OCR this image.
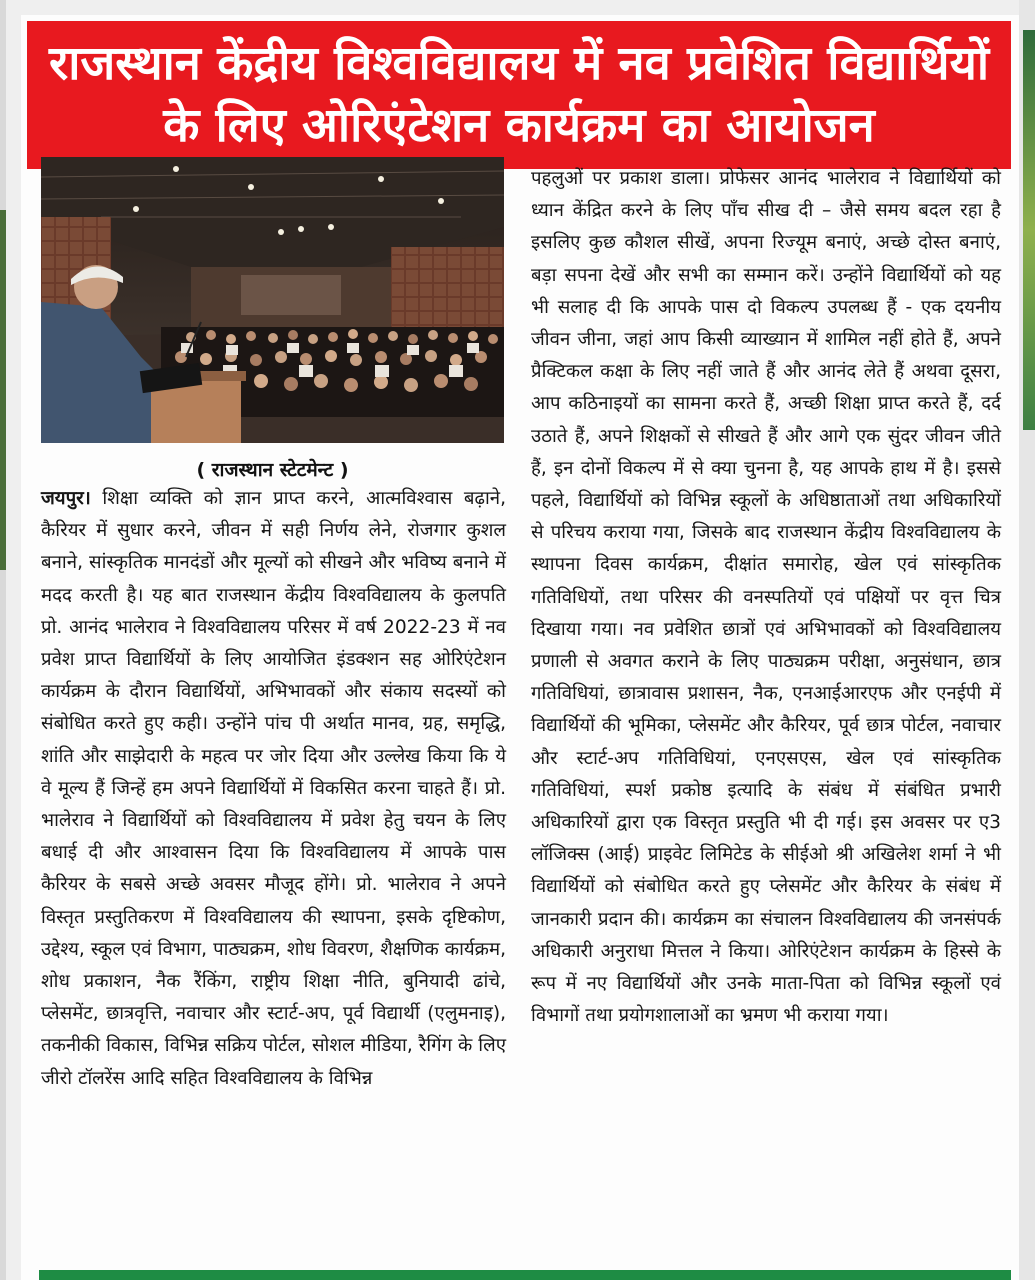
राजस्थान केंद्रीय विश्वविद्यालय में नव प्रवेशित विद्यार्थियों
के लिए ओरिएंटेशन कार्यक्रम का आयोजन
( राजस्थान स्टेटमेन्ट )

जयपुर। शिक्षा व्यक्ति को ज्ञान प्राप्त करने, आत्मविश्वास बढ़ाने, कैरियर में सुधार करने, जीवन में सही निर्णय लेने, रोजगार कुशल बनाने, सांस्कृतिक मानदंडों और मूल्यों को सीखने और भविष्य बनाने में मदद करती है। यह बात राजस्थान केंद्रीय विश्वविद्यालय के कुलपति प्रो. आनंद भालेराव ने विश्वविद्यालय परिसर में वर्ष 2022-23 में नव प्रवेश प्राप्त विद्यार्थियों के लिए आयोजित इंडक्शन सह ओरिएंटेशन कार्यक्रम के दौरान विद्यार्थियों, अभिभावकों और संकाय सदस्यों को संबोधित करते हुए कही। उन्होंने पांच पी अर्थात मानव, ग्रह, समृद्धि, शांति और साझेदारी के महत्व पर जोर दिया और उल्लेख किया कि ये वे मूल्य हैं जिन्हें हम अपने विद्यार्थियों में विकसित करना चाहते हैं। प्रो. भालेराव ने विद्यार्थियों को विश्वविद्यालय में प्रवेश हेतु चयन के लिए बधाई दी और आश्वासन दिया कि विश्वविद्यालय में आपके पास कैरियर के सबसे अच्छे अवसर मौजूद होंगे। प्रो. भालेराव ने अपने विस्तृत प्रस्तुतिकरण में विश्वविद्यालय की स्थापना, इसके दृष्टिकोण, उद्देश्य, स्कूल एवं विभाग, पाठ्यक्रम, शोध विवरण, शैक्षणिक कार्यक्रम, शोध प्रकाशन, नैक रैंकिंग, राष्ट्रीय शिक्षा नीति, बुनियादी ढांचे, प्लेसमेंट, छात्रवृत्ति, नवाचार और स्टार्ट-अप, पूर्व विद्यार्थी (एलुमनाइ), तकनीकी विकास, विभिन्न सक्रिय पोर्टल, सोशल मीडिया, रैगिंग के लिए जीरो टॉलरेंस आदि सहित विश्वविद्यालय के विभिन्न

पहलुओं पर प्रकाश डाला। प्रोफेसर आनंद भालेराव ने विद्यार्थियों को ध्यान केंद्रित करने के लिए पाँच सीख दी – जैसे समय बदल रहा है इसलिए कुछ कौशल सीखें, अपना रिज्यूम बनाएं, अच्छे दोस्त बनाएं, बड़ा सपना देखें और सभी का सम्मान करें। उन्होंने विद्यार्थियों को यह भी सलाह दी कि आपके पास दो विकल्प उपलब्ध हैं - एक दयनीय जीवन जीना, जहां आप किसी व्याख्यान में शामिल नहीं होते हैं, अपने प्रैक्टिकल कक्षा के लिए नहीं जाते हैं और आनंद लेते हैं अथवा दूसरा, आप कठिनाइयों का सामना करते हैं, अच्छी शिक्षा प्राप्त करते हैं, दर्द उठाते हैं, अपने शिक्षकों से सीखते हैं और आगे एक सुंदर जीवन जीते हैं, इन दोनों विकल्प में से क्या चुनना है, यह आपके हाथ में है। इससे पहले, विद्यार्थियों को विभिन्न स्कूलों के अधिष्ठाताओं तथा अधिकारियों से परिचय कराया गया, जिसके बाद राजस्थान केंद्रीय विश्वविद्यालय के स्थापना दिवस कार्यक्रम, दीक्षांत समारोह, खेल एवं सांस्कृतिक गतिविधियों, तथा परिसर की वनस्पतियों एवं पक्षियों पर वृत्त चित्र दिखाया गया। नव प्रवेशित छात्रों एवं अभिभावकों को विश्वविद्यालय प्रणाली से अवगत कराने के लिए पाठ्यक्रम परीक्षा, अनुसंधान, छात्र गतिविधियां, छात्रावास प्रशासन, नैक, एनआईआरएफ और एनईपी में विद्यार्थियों की भूमिका, प्लेसमेंट और कैरियर, पूर्व छात्र पोर्टल, नवाचार और स्टार्ट-अप गतिविधियां, एनएसएस, खेल एवं सांस्कृतिक गतिविधियां, स्पर्श प्रकोष्ठ इत्यादि के संबंध में संबंधित प्रभारी अधिकारियों द्वारा एक विस्तृत प्रस्तुति भी दी गई। इस अवसर पर ए3 लॉजिक्स (आई) प्राइवेट लिमिटेड के सीईओ श्री अखिलेश शर्मा ने भी विद्यार्थियों को संबोधित करते हुए प्लेसमेंट और कैरियर के संबंध में जानकारी प्रदान की। कार्यक्रम का संचालन विश्वविद्यालय की जनसंपर्क अधिकारी अनुराधा मित्तल ने किया। ओरिएंटेशन कार्यक्रम के हिस्से के रूप में नए विद्यार्थियों और उनके माता-पिता को विभिन्न स्कूलों एवं विभागों तथा प्रयोगशालाओं का भ्रमण भी कराया गया।
